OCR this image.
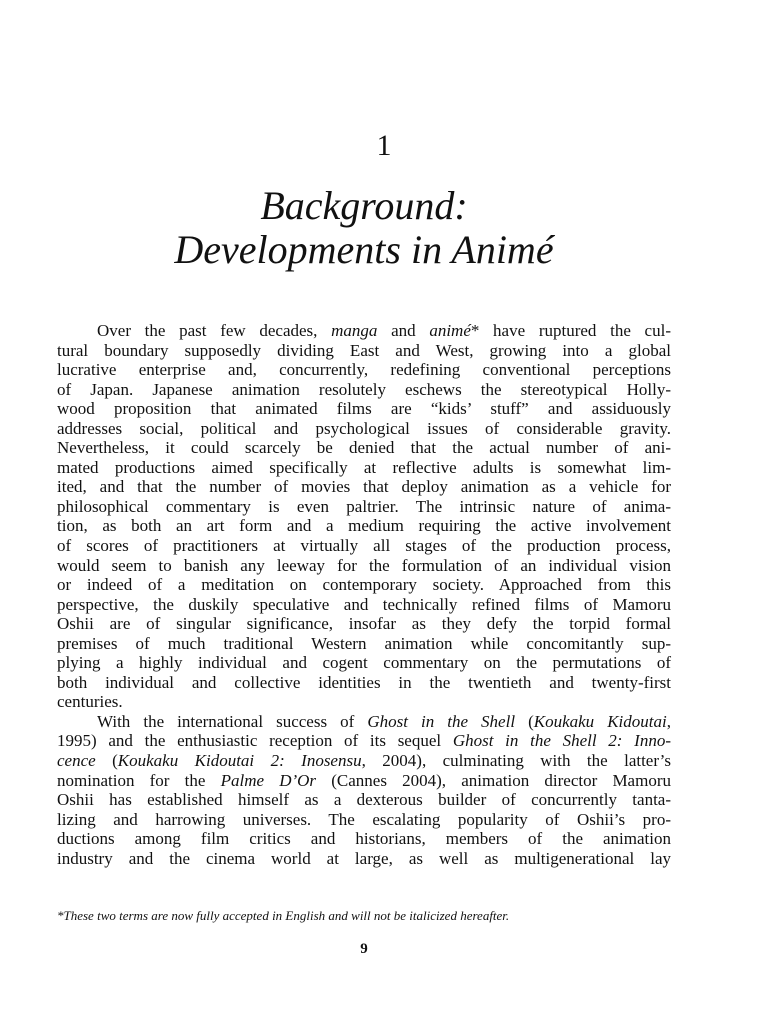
1
Background:
Developments in Animé
Over the past few decades, manga and animé* have ruptured the cul-
tural boundary supposedly dividing East and West, growing into a global
lucrative enterprise and, concurrently, redefining conventional perceptions
of Japan. Japanese animation resolutely eschews the stereotypical Holly-
wood proposition that animated films are “kids’ stuff” and assiduously
addresses social, political and psychological issues of considerable gravity.
Nevertheless, it could scarcely be denied that the actual number of ani-
mated productions aimed specifically at reflective adults is somewhat lim-
ited, and that the number of movies that deploy animation as a vehicle for
philosophical commentary is even paltrier. The intrinsic nature of anima-
tion, as both an art form and a medium requiring the active involvement
of scores of practitioners at virtually all stages of the production process,
would seem to banish any leeway for the formulation of an individual vision
or indeed of a meditation on contemporary society. Approached from this
perspective, the duskily speculative and technically refined films of Mamoru
Oshii are of singular significance, insofar as they defy the torpid formal
premises of much traditional Western animation while concomitantly sup-
plying a highly individual and cogent commentary on the permutations of
both individual and collective identities in the twentieth and twenty-first
centuries.
With the international success of Ghost in the Shell (Koukaku Kidoutai,
1995) and the enthusiastic reception of its sequel Ghost in the Shell 2: Inno-
cence (Koukaku Kidoutai 2: Inosensu, 2004), culminating with the latter’s
nomination for the Palme D’Or (Cannes 2004), animation director Mamoru
Oshii has established himself as a dexterous builder of concurrently tanta-
lizing and harrowing universes. The escalating popularity of Oshii’s pro-
ductions among film critics and historians, members of the animation
industry and the cinema world at large, as well as multigenerational lay
*These two terms are now fully accepted in English and will not be italicized hereafter.
9
